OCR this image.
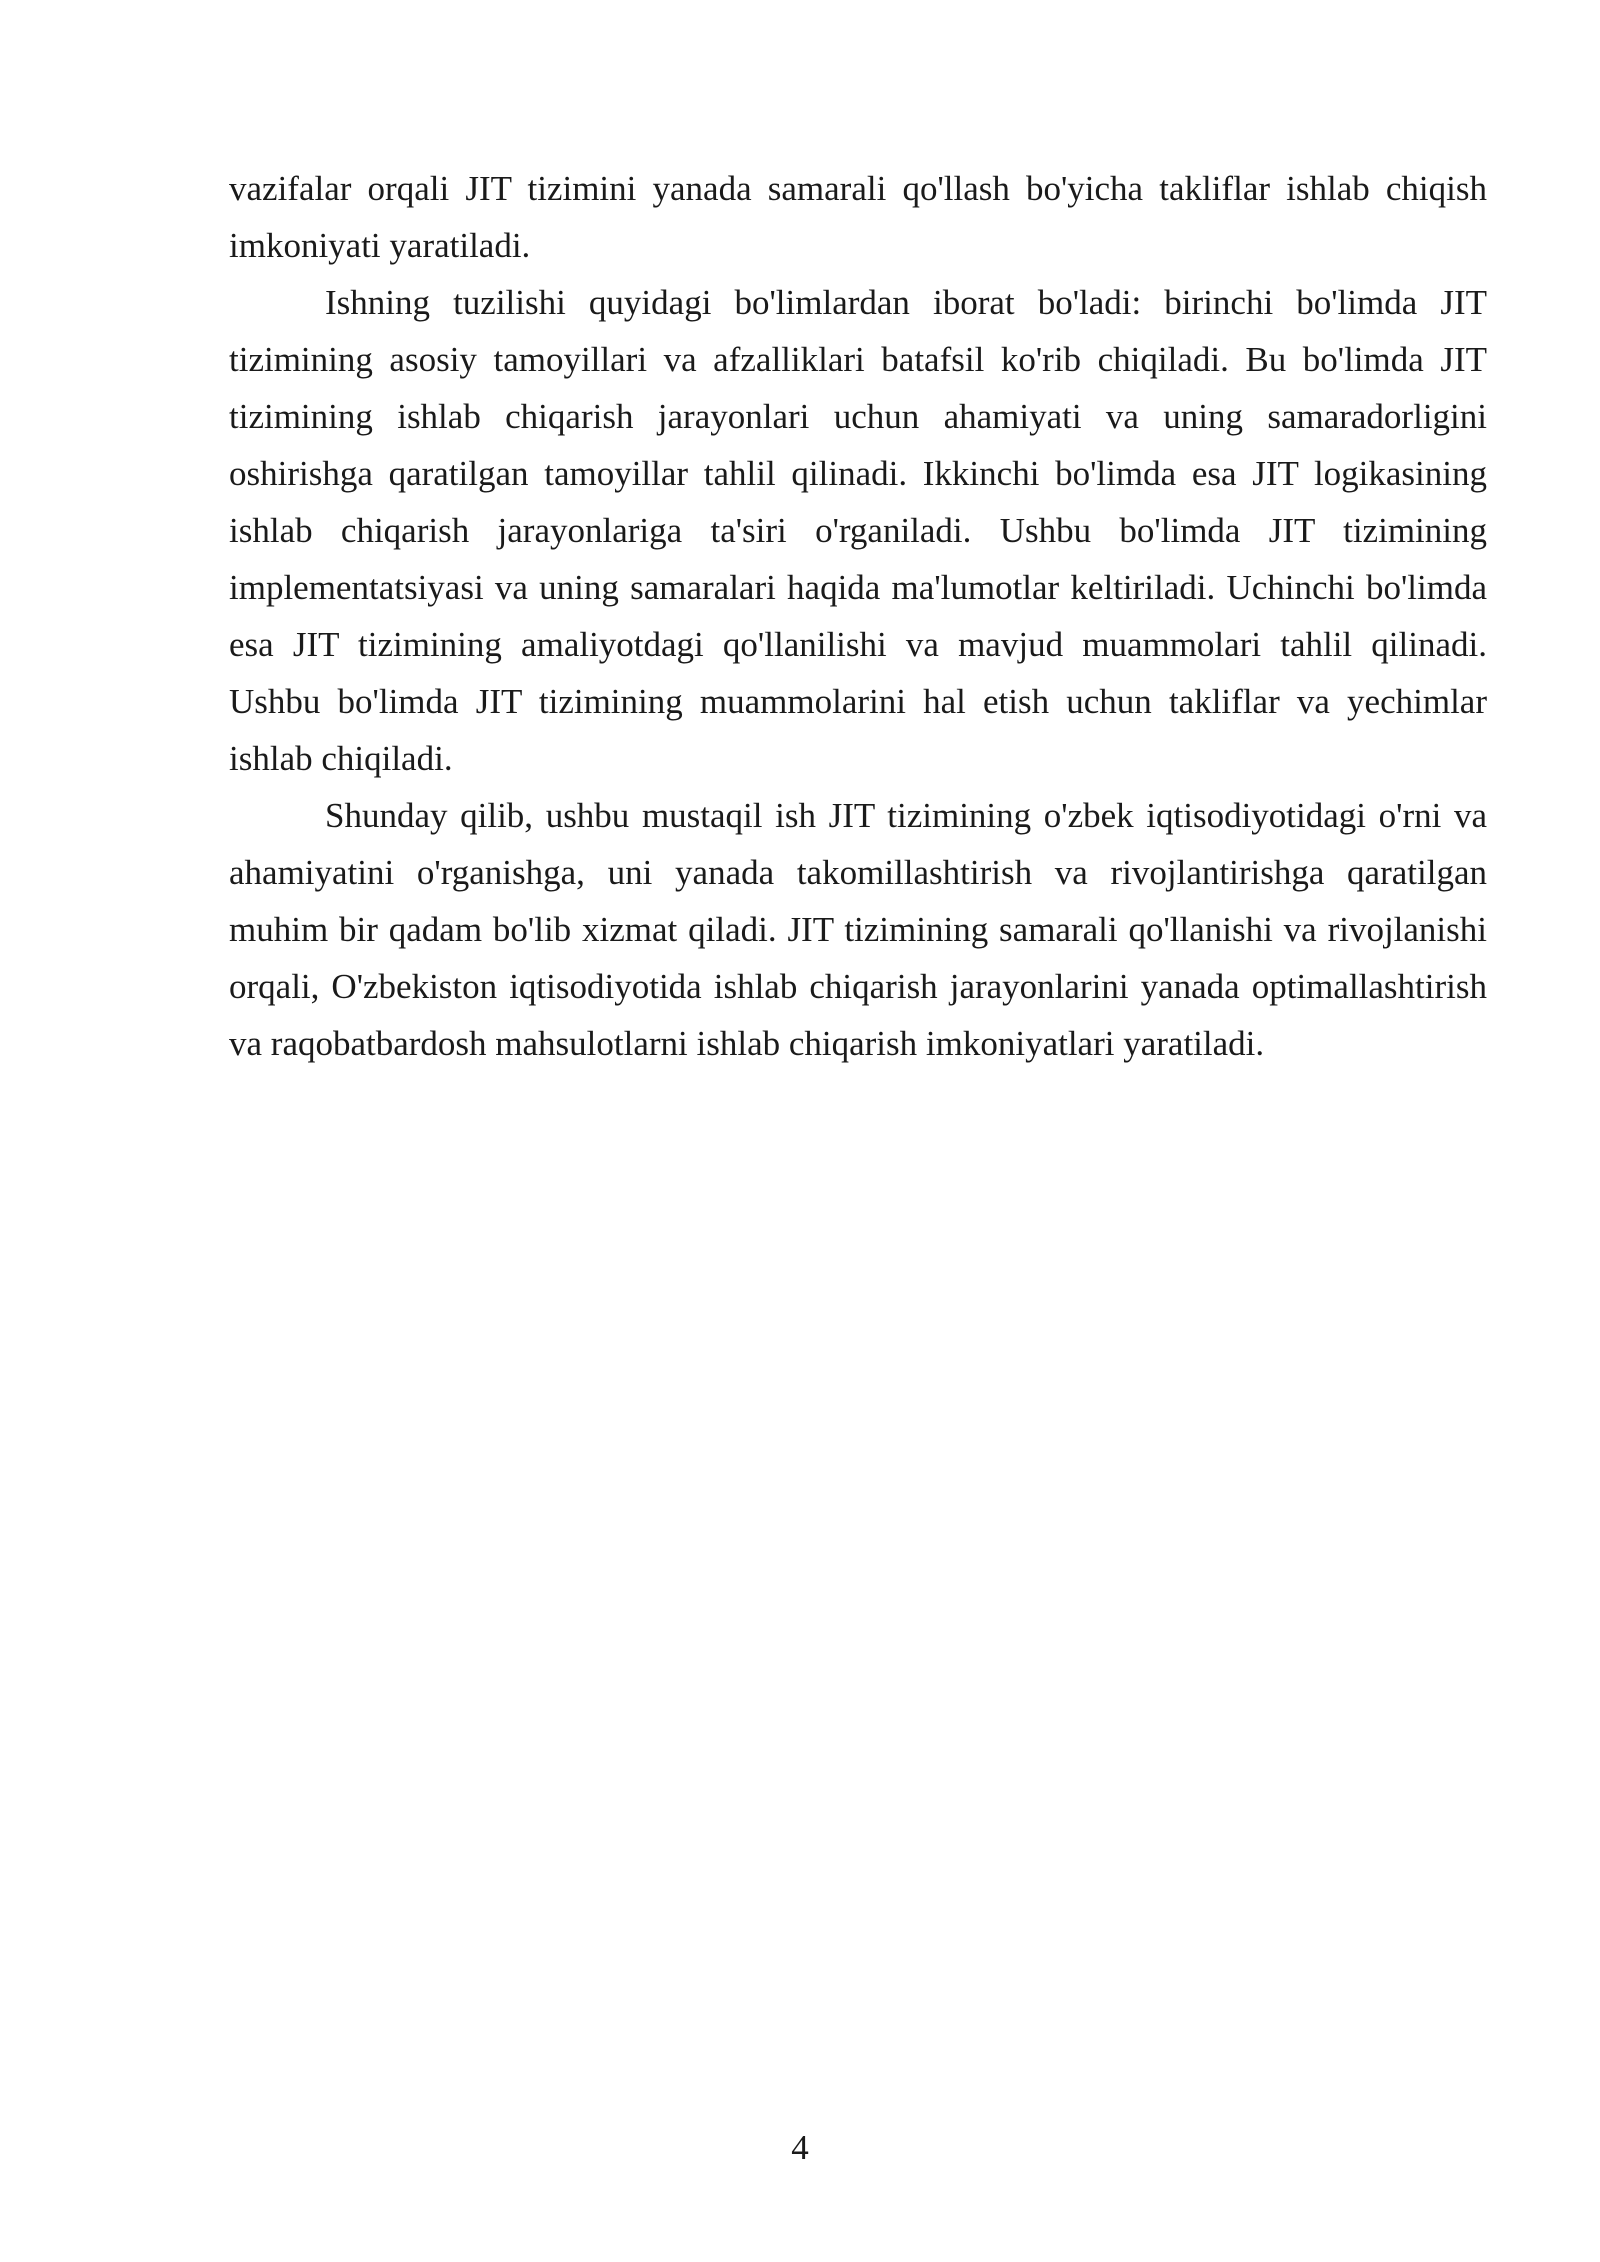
vazifalar orqali JIT tizimini yanada samarali qo'llash bo'yicha takliflar ishlab chiqish imkoniyati yaratiladi.

Ishning tuzilishi quyidagi bo'limlardan iborat bo'ladi: birinchi bo'limda JIT tizimining asosiy tamoyillari va afzalliklari batafsil ko'rib chiqiladi. Bu bo'limda JIT tizimining ishlab chiqarish jarayonlari uchun ahamiyati va uning samaradorligini oshirishga qaratilgan tamoyillar tahlil qilinadi. Ikkinchi bo'limda esa JIT logikasining ishlab chiqarish jarayonlariga ta'siri o'rganiladi. Ushbu bo'limda JIT tizimining implementatsiyasi va uning samaralari haqida ma'lumotlar keltiriladi. Uchinchi bo'limda esa JIT tizimining amaliyotdagi qo'llanilishi va mavjud muammolari tahlil qilinadi. Ushbu bo'limda JIT tizimining muammolarini hal etish uchun takliflar va yechimlar ishlab chiqiladi.

Shunday qilib, ushbu mustaqil ish JIT tizimining o'zbek iqtisodiyotidagi o'rni va ahamiyatini o'rganishga, uni yanada takomillashtirish va rivojlantirishga qaratilgan muhim bir qadam bo'lib xizmat qiladi. JIT tizimining samarali qo'llanishi va rivojlanishi orqali, O'zbekiston iqtisodiyotida ishlab chiqarish jarayonlarini yanada optimallashtirish va raqobatbardosh mahsulotlarni ishlab chiqarish imkoniyatlari yaratiladi.

4
